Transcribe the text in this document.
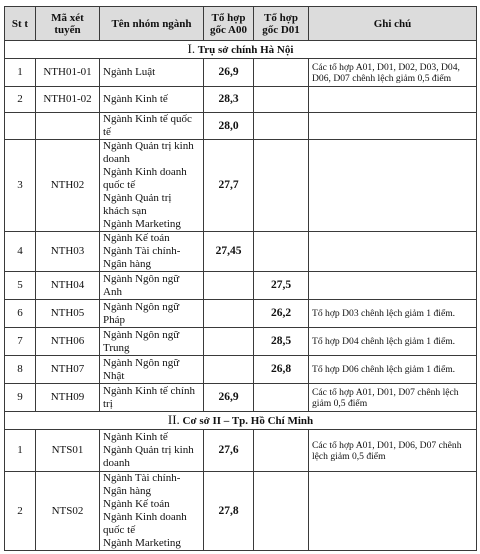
St t	Mã xét tuyển	Tên nhóm ngành	Tổ hợp gốc A00	Tổ hợp gốc D01	Ghi chú
I. Trụ sở chính Hà Nội					
1	NTH01-01	Ngành Luật	26,9		Các tổ hợp A01, D01, D02, D03, D04, D06, D07 chênh lệch giảm 0,5 điểm
2	NTH01-02	Ngành Kinh tế	28,3		
		Ngành Kinh tế quốc tế	28,0		
3	NTH02	Ngành Quản trị kinh doanh
Ngành Kinh doanh quốc tế
Ngành Quản trị khách sạn
Ngành Marketing	27,7		
4	NTH03	Ngành Kế toán
Ngành Tài chính-Ngân hàng	27,45		
5	NTH04	Ngành Ngôn ngữ Anh		27,5	
6	NTH05	Ngành Ngôn ngữ Pháp		26,2	Tổ hợp D03 chênh lệch giảm 1 điểm.
7	NTH06	Ngành Ngôn ngữ Trung		28,5	Tổ hợp D04 chênh lệch giảm 1 điểm.
8	NTH07	Ngành Ngôn ngữ Nhật		26,8	Tổ hợp D06 chênh lệch giảm 1 điểm.
9	NTH09	Ngành Kinh tế chính trị	26,9		Các tổ hợp A01, D01, D07 chênh lệch giảm 0,5 điểm
II. Cơ sở II – Tp. Hồ Chí Minh					
1	NTS01	Ngành Kinh tế
Ngành Quản trị kinh doanh	27,6		Các tổ hợp A01, D01, D06, D07 chênh lệch giảm 0,5 điểm
2	NTS02	Ngành Tài chính-Ngân hàng
Ngành Kế toán
Ngành Kinh doanh quốc tế
Ngành Marketing	27,8		
